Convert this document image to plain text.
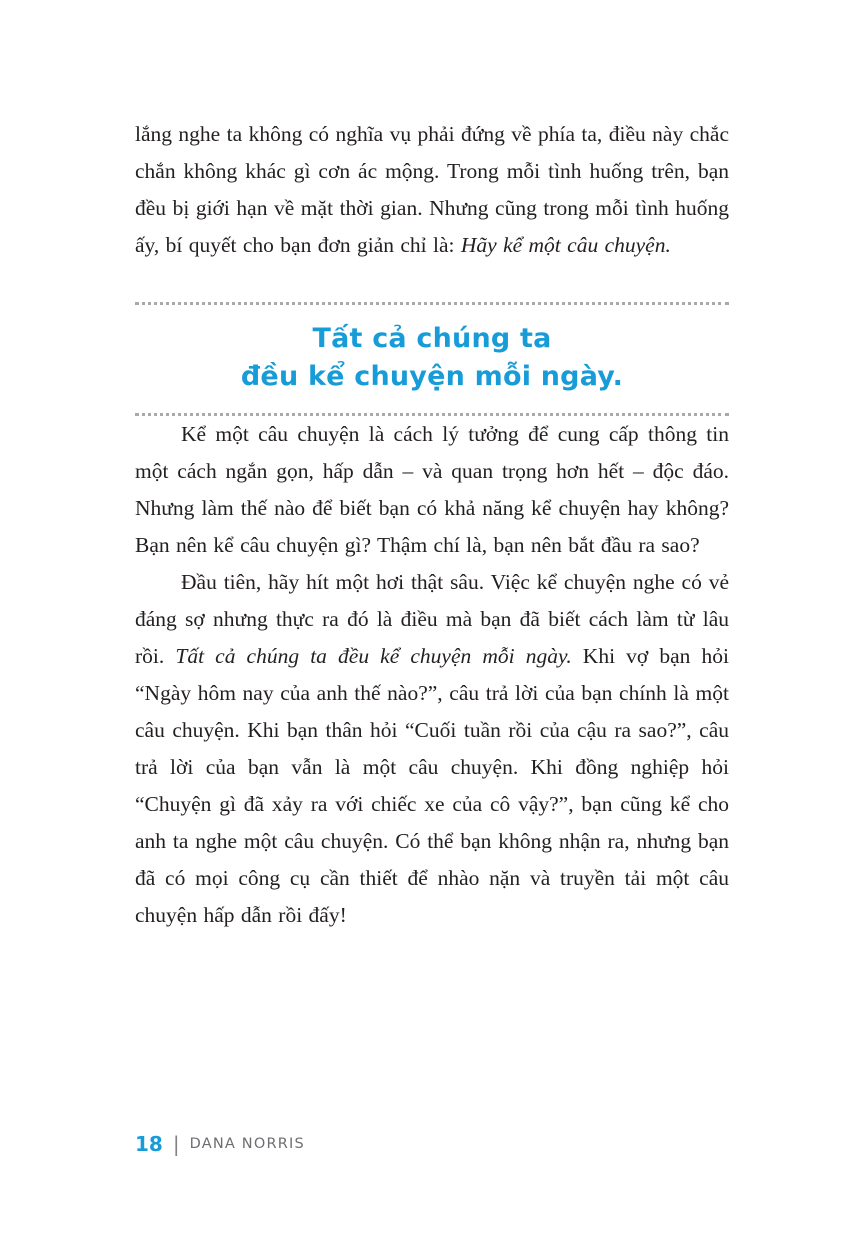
lắng nghe ta không có nghĩa vụ phải đứng về phía ta, điều này chắc chắn không khác gì cơn ác mộng. Trong mỗi tình huống trên, bạn đều bị giới hạn về mặt thời gian. Nhưng cũng trong mỗi tình huống ấy, bí quyết cho bạn đơn giản chỉ là: Hãy kể một câu chuyện.

Tất cả chúng ta
đều kể chuyện mỗi ngày.

Kể một câu chuyện là cách lý tưởng để cung cấp thông tin một cách ngắn gọn, hấp dẫn – và quan trọng hơn hết – độc đáo. Nhưng làm thế nào để biết bạn có khả năng kể chuyện hay không? Bạn nên kể câu chuyện gì? Thậm chí là, bạn nên bắt đầu ra sao?

Đầu tiên, hãy hít một hơi thật sâu. Việc kể chuyện nghe có vẻ đáng sợ nhưng thực ra đó là điều mà bạn đã biết cách làm từ lâu rồi. Tất cả chúng ta đều kể chuyện mỗi ngày. Khi vợ bạn hỏi “Ngày hôm nay của anh thế nào?”, câu trả lời của bạn chính là một câu chuyện. Khi bạn thân hỏi “Cuối tuần rồi của cậu ra sao?”, câu trả lời của bạn vẫn là một câu chuyện. Khi đồng nghiệp hỏi “Chuyện gì đã xảy ra với chiếc xe của cô vậy?”, bạn cũng kể cho anh ta nghe một câu chuyện. Có thể bạn không nhận ra, nhưng bạn đã có mọi công cụ cần thiết để nhào nặn và truyền tải một câu chuyện hấp dẫn rồi đấy!

18 | DANA NORRIS
